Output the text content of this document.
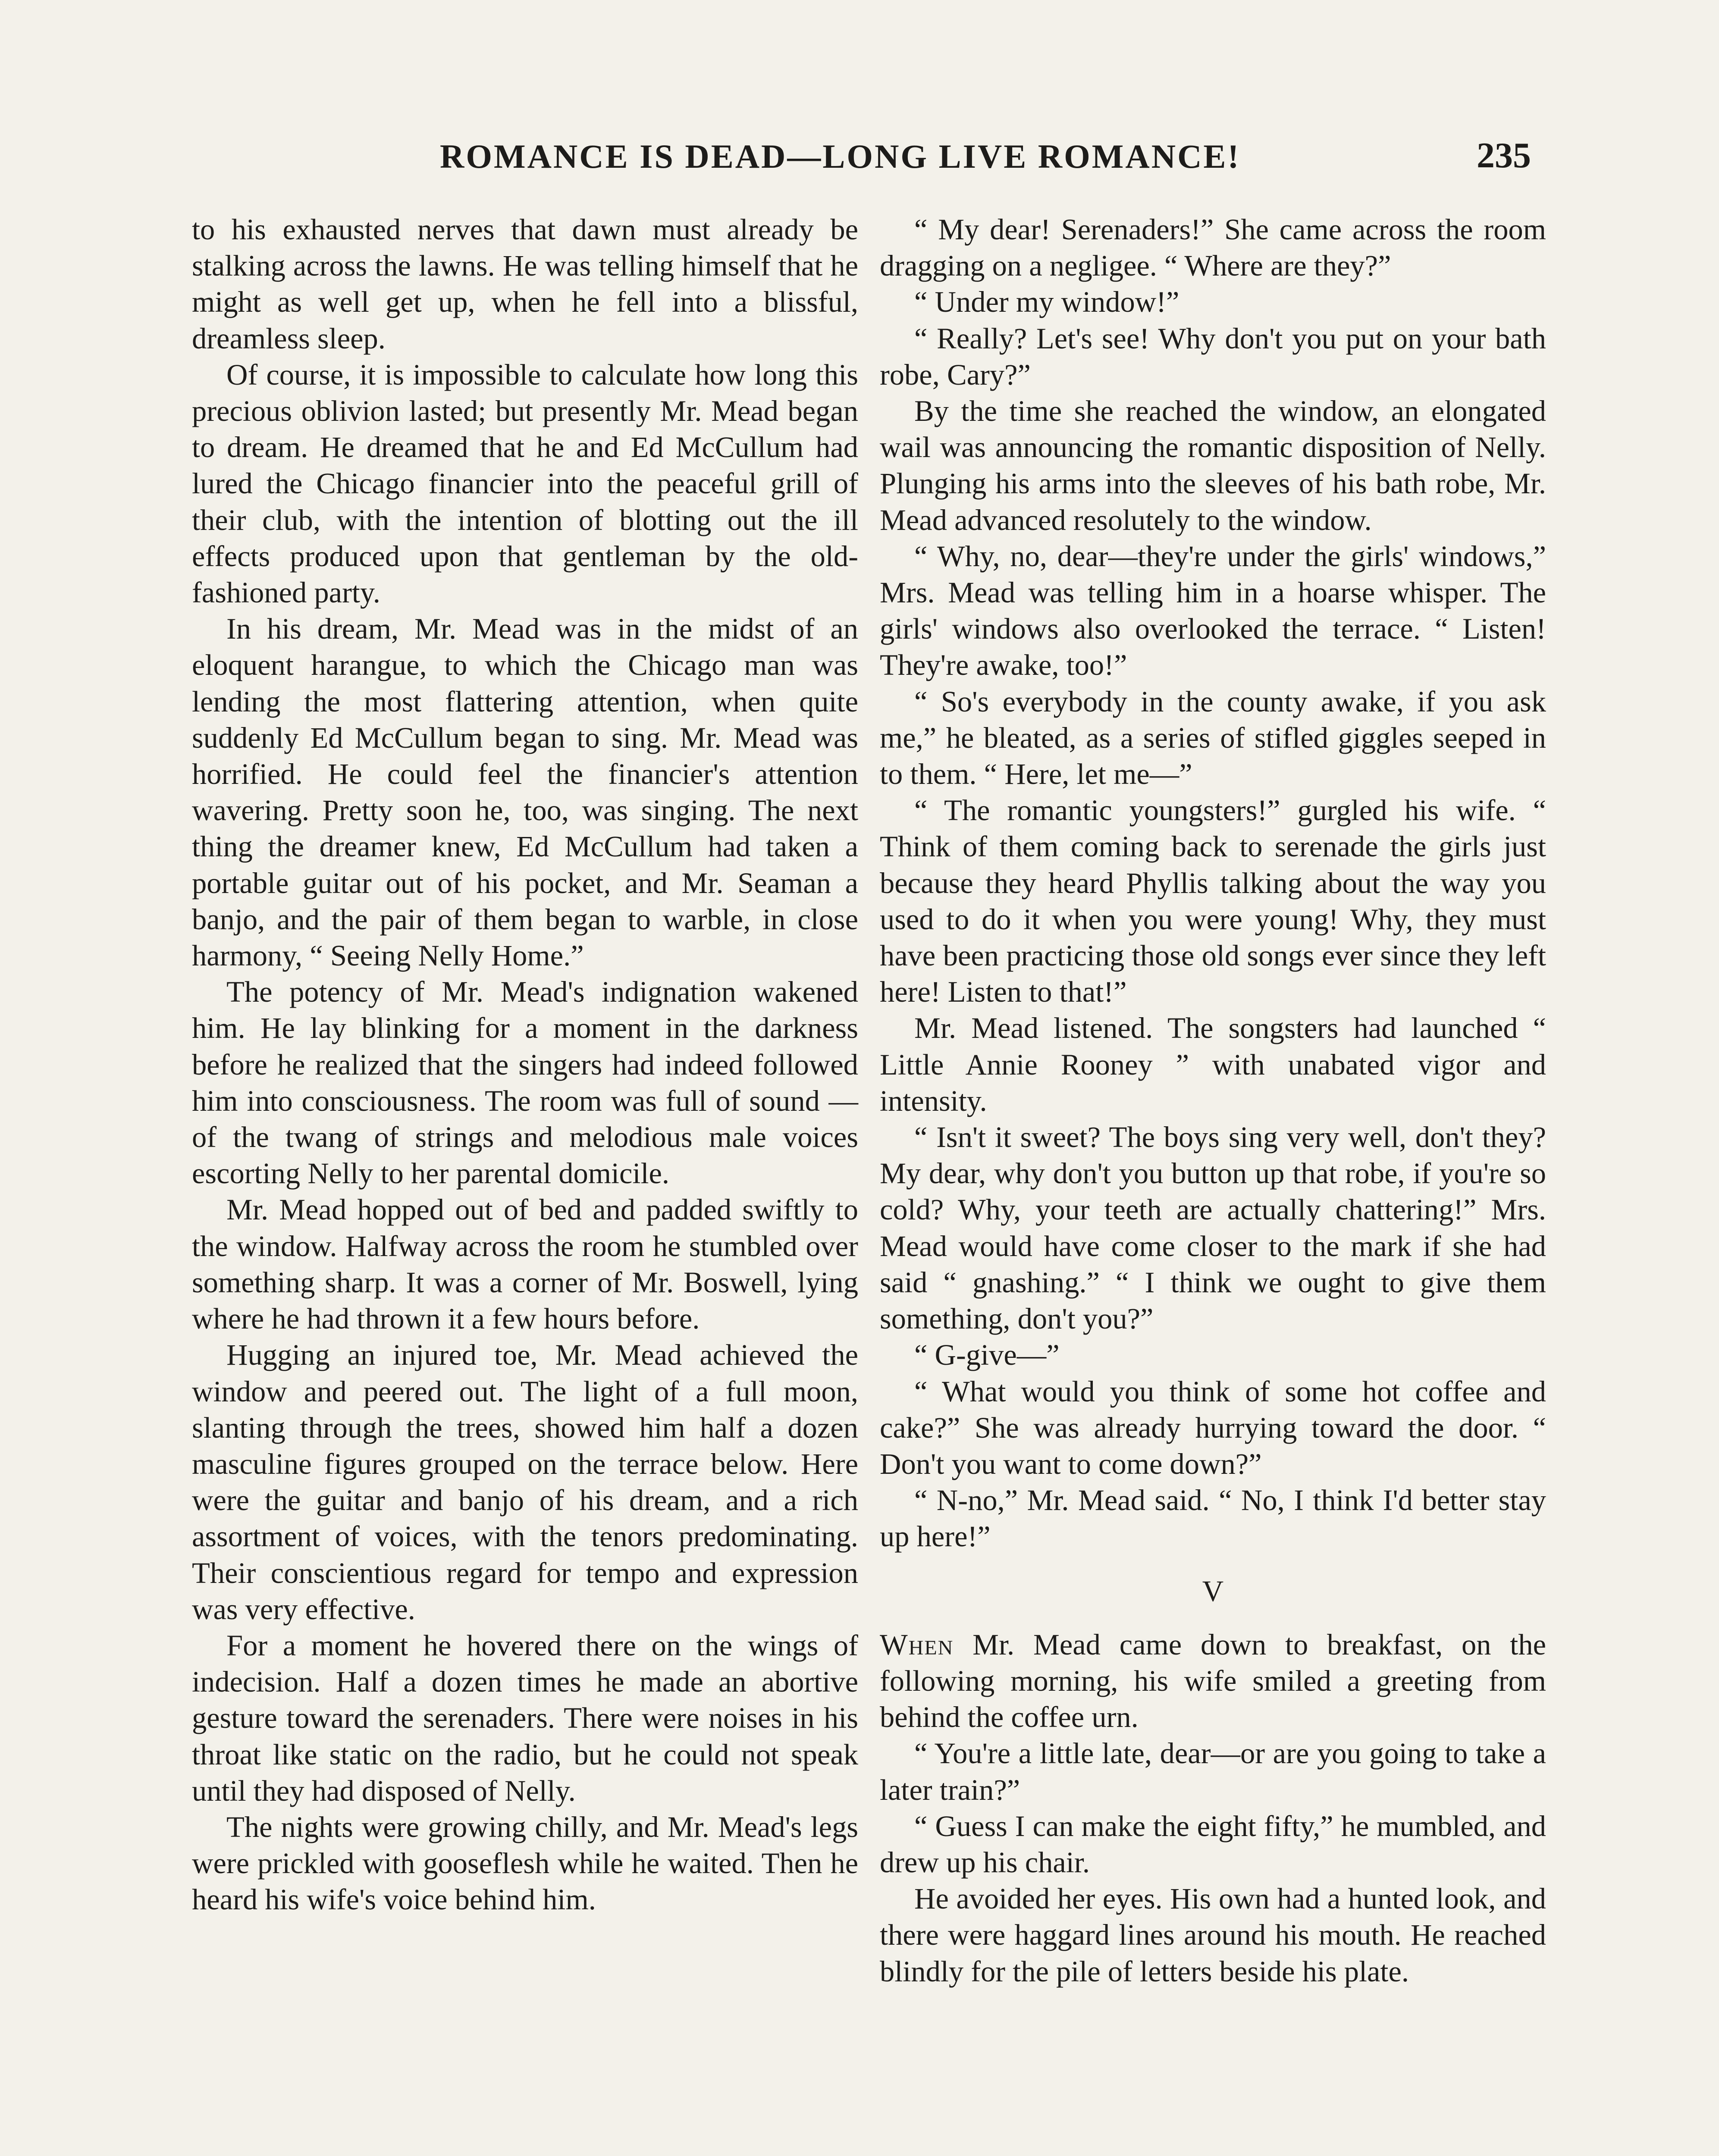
ROMANCE IS DEAD—LONG LIVE ROMANCE!	235

to his exhausted nerves that dawn must already be stalking across the lawns. He was telling himself that he might as well get up, when he fell into a blissful, dreamless sleep.

Of course, it is impossible to calculate how long this precious oblivion lasted; but presently Mr. Mead began to dream. He dreamed that he and Ed McCullum had lured the Chicago financier into the peaceful grill of their club, with the intention of blotting out the ill effects produced upon that gentleman by the old-fashioned party.

In his dream, Mr. Mead was in the midst of an eloquent harangue, to which the Chicago man was lending the most flattering attention, when quite suddenly Ed McCullum began to sing. Mr. Mead was horrified. He could feel the financier's attention wavering. Pretty soon he, too, was singing. The next thing the dreamer knew, Ed McCullum had taken a portable guitar out of his pocket, and Mr. Seaman a banjo, and the pair of them began to warble, in close harmony, “ Seeing Nelly Home.”

The potency of Mr. Mead's indignation wakened him. He lay blinking for a moment in the darkness before he realized that the singers had indeed followed him into consciousness. The room was full of sound —of the twang of strings and melodious male voices escorting Nelly to her parental domicile.

Mr. Mead hopped out of bed and padded swiftly to the window. Halfway across the room he stumbled over something sharp. It was a corner of Mr. Boswell, lying where he had thrown it a few hours before.

Hugging an injured toe, Mr. Mead achieved the window and peered out. The light of a full moon, slanting through the trees, showed him half a dozen masculine figures grouped on the terrace below. Here were the guitar and banjo of his dream, and a rich assortment of voices, with the tenors predominating. Their conscientious regard for tempo and expression was very effective.

For a moment he hovered there on the wings of indecision. Half a dozen times he made an abortive gesture toward the serenaders. There were noises in his throat like static on the radio, but he could not speak until they had disposed of Nelly.

The nights were growing chilly, and Mr. Mead's legs were prickled with gooseflesh while he waited. Then he heard his wife's voice behind him.

“ My dear! Serenaders!” She came across the room dragging on a negligee. “ Where are they?”

“ Under my window!”

“ Really? Let's see! Why don't you put on your bath robe, Cary?”

By the time she reached the window, an elongated wail was announcing the romantic disposition of Nelly. Plunging his arms into the sleeves of his bath robe, Mr. Mead advanced resolutely to the window.

“ Why, no, dear—they're under the girls' windows,” Mrs. Mead was telling him in a hoarse whisper. The girls' windows also overlooked the terrace. “ Listen! They're awake, too!”

“ So's everybody in the county awake, if you ask me,” he bleated, as a series of stifled giggles seeped in to them. “ Here, let me—”

“ The romantic youngsters!” gurgled his wife. “ Think of them coming back to serenade the girls just because they heard Phyllis talking about the way you used to do it when you were young! Why, they must have been practicing those old songs ever since they left here! Listen to that!”

Mr. Mead listened. The songsters had launched “ Little Annie Rooney ” with unabated vigor and intensity.

“ Isn't it sweet? The boys sing very well, don't they? My dear, why don't you button up that robe, if you're so cold? Why, your teeth are actually chattering!” Mrs. Mead would have come closer to the mark if she had said “ gnashing.” “ I think we ought to give them something, don't you?”

“ G-give—”

“ What would you think of some hot coffee and cake?” She was already hurrying toward the door. “ Don't you want to come down?”

“ N-no,” Mr. Mead said. “ No, I think I'd better stay up here!”

V

When Mr. Mead came down to breakfast, on the following morning, his wife smiled a greeting from behind the coffee urn.

“ You're a little late, dear—or are you going to take a later train?”

“ Guess I can make the eight fifty,” he mumbled, and drew up his chair.

He avoided her eyes. His own had a hunted look, and there were haggard lines around his mouth. He reached blindly for the pile of letters beside his plate.
